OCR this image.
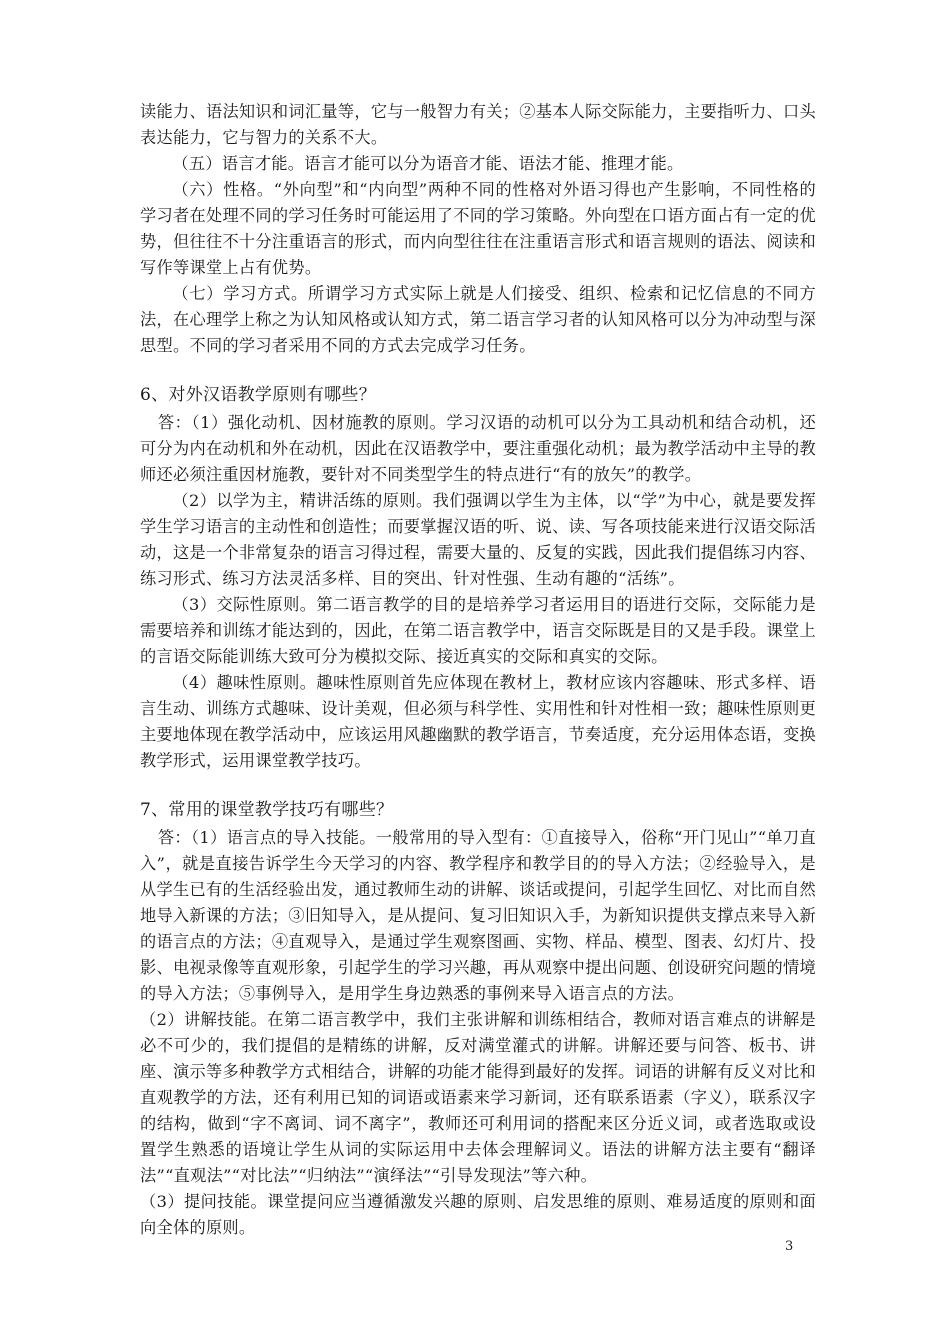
读能力、语法知识和词汇量等，它与一般智力有关；②基本人际交际能力，主要指听力、口头表达能力，它与智力的关系不大。

（五）语言才能。语言才能可以分为语音才能、语法才能、推理才能。

（六）性格。“外向型”和“内向型”两种不同的性格对外语习得也产生影响，不同性格的学习者在处理不同的学习任务时可能运用了不同的学习策略。外向型在口语方面占有一定的优势，但往往不十分注重语言的形式，而内向型往往在注重语言形式和语言规则的语法、阅读和写作等课堂上占有优势。

（七）学习方式。所谓学习方式实际上就是人们接受、组织、检索和记忆信息的不同方法，在心理学上称之为认知风格或认知方式，第二语言学习者的认知风格可以分为冲动型与深思型。不同的学习者采用不同的方式去完成学习任务。

6、对外汉语教学原则有哪些？

答：（1）强化动机、因材施教的原则。学习汉语的动机可以分为工具动机和结合动机，还可分为内在动机和外在动机，因此在汉语教学中，要注重强化动机；最为教学活动中主导的教师还必须注重因材施教，要针对不同类型学生的特点进行“有的放矢”的教学。

（2）以学为主，精讲活练的原则。我们强调以学生为主体，以“学”为中心，就是要发挥学生学习语言的主动性和创造性；而要掌握汉语的听、说、读、写各项技能来进行汉语交际活动，这是一个非常复杂的语言习得过程，需要大量的、反复的实践，因此我们提倡练习内容、练习形式、练习方法灵活多样、目的突出、针对性强、生动有趣的“活练”。

（3）交际性原则。第二语言教学的目的是培养学习者运用目的语进行交际，交际能力是需要培养和训练才能达到的，因此，在第二语言教学中，语言交际既是目的又是手段。课堂上的言语交际能训练大致可分为模拟交际、接近真实的交际和真实的交际。

（4）趣味性原则。趣味性原则首先应体现在教材上，教材应该内容趣味、形式多样、语言生动、训练方式趣味、设计美观，但必须与科学性、实用性和针对性相一致；趣味性原则更主要地体现在教学活动中，应该运用风趣幽默的教学语言，节奏适度，充分运用体态语，变换教学形式，运用课堂教学技巧。

7、常用的课堂教学技巧有哪些？

答：（1）语言点的导入技能。一般常用的导入型有：①直接导入，俗称“开门见山”“单刀直入”，就是直接告诉学生今天学习的内容、教学程序和教学目的的导入方法；②经验导入，是从学生已有的生活经验出发，通过教师生动的讲解、谈话或提问，引起学生回忆、对比而自然地导入新课的方法；③旧知导入，是从提问、复习旧知识入手，为新知识提供支撑点来导入新的语言点的方法；④直观导入，是通过学生观察图画、实物、样品、模型、图表、幻灯片、投影、电视录像等直观形象，引起学生的学习兴趣，再从观察中提出问题、创设研究问题的情境的导入方法；⑤事例导入，是用学生身边熟悉的事例来导入语言点的方法。

（2）讲解技能。在第二语言教学中，我们主张讲解和训练相结合，教师对语言难点的讲解是必不可少的，我们提倡的是精练的讲解，反对满堂灌式的讲解。讲解还要与问答、板书、讲座、演示等多种教学方式相结合，讲解的功能才能得到最好的发挥。词语的讲解有反义对比和直观教学的方法，还有利用已知的词语或语素来学习新词，还有联系语素（字义），联系汉字的结构，做到“字不离词、词不离字”，教师还可利用词的搭配来区分近义词，或者选取或设置学生熟悉的语境让学生从词的实际运用中去体会理解词义。语法的讲解方法主要有“翻译法”“直观法”“对比法”“归纳法”“演绎法”“引导发现法”等六种。

（3）提问技能。课堂提问应当遵循激发兴趣的原则、启发思维的原则、难易适度的原则和面向全体的原则。

3
